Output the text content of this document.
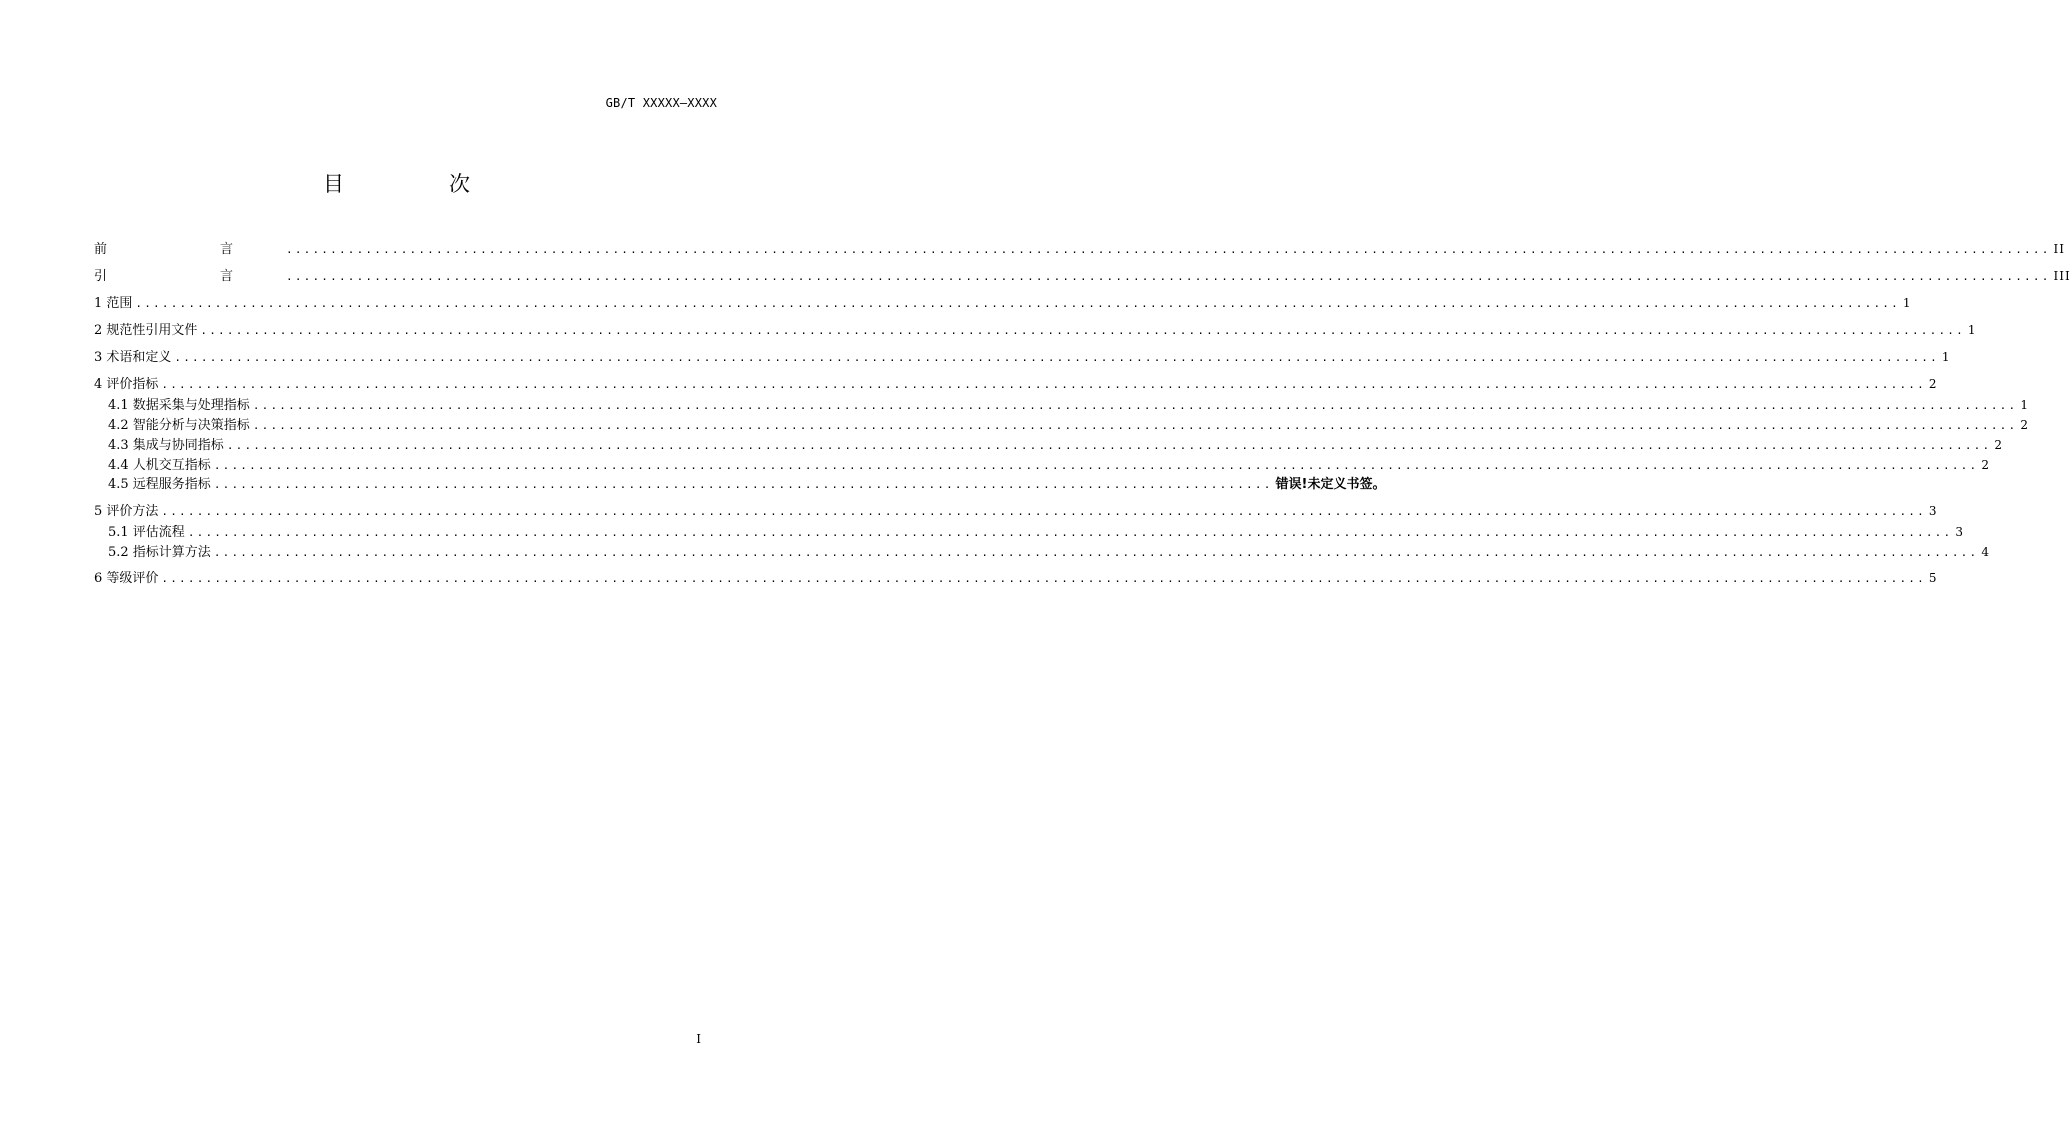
GB/T XXXXX—XXXX
目　次
前　言 ........................................................................................................................................................................................................ II
引　言 ........................................................................................................................................................................................................ III
1 范围 ........................................................................................................................................................................................................ 1
2 规范性引用文件 ........................................................................................................................................................................................................ 1
3 术语和定义 ........................................................................................................................................................................................................ 1
4 评价指标 ........................................................................................................................................................................................................ 2
4.1 数据采集与处理指标 ........................................................................................................................................................................................................ 1
4.2 智能分析与决策指标 ........................................................................................................................................................................................................ 2
4.3 集成与协同指标 ........................................................................................................................................................................................................ 2
4.4 人机交互指标 ........................................................................................................................................................................................................ 2
4.5 远程服务指标 ........................................................................................................................ 错误!未定义书签。
5 评价方法 ........................................................................................................................................................................................................ 3
5.1 评估流程 ........................................................................................................................................................................................................ 3
5.2 指标计算方法 ........................................................................................................................................................................................................ 4
6 等级评价 ........................................................................................................................................................................................................ 5
I
